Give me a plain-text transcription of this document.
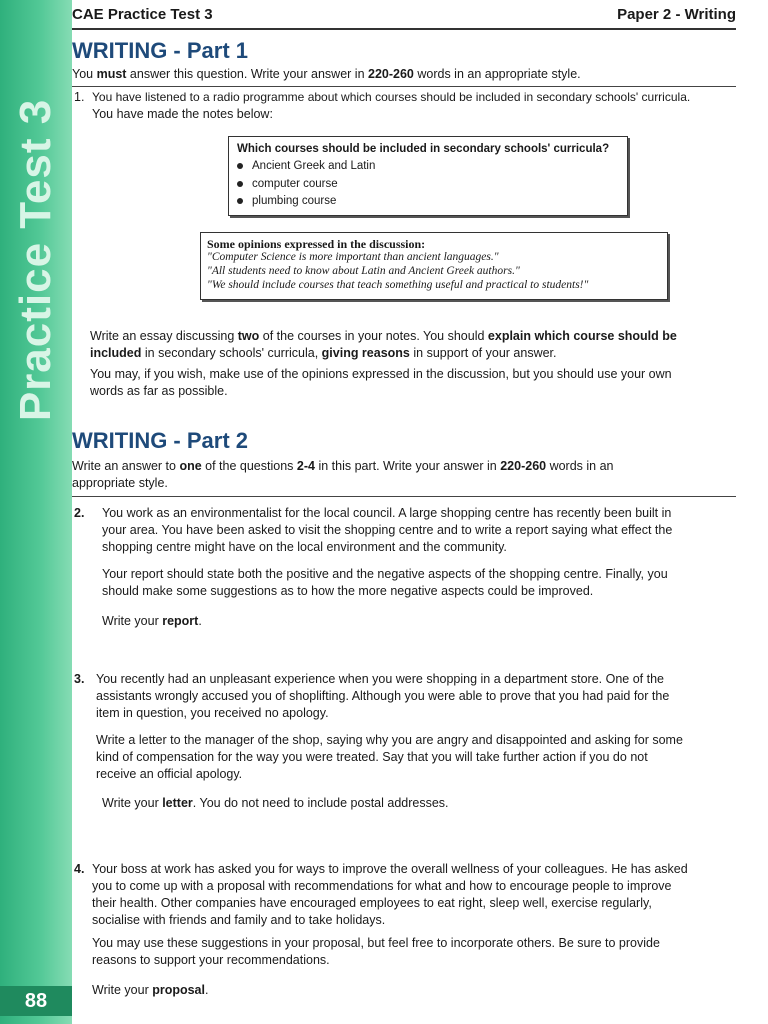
Practice Test 3
88
CAE Practice Test 3	Paper 2 - Writing
WRITING - Part 1
You must answer this question. Write your answer in 220-260 words in an appropriate style.
1. You have listened to a radio programme about which courses should be included in secondary schools' curricula.
You have made the notes below:
Which courses should be included in secondary schools' curricula?
Ancient Greek and Latin
computer course
plumbing course
Some opinions expressed in the discussion:
"Computer Science is more important than ancient languages."
"All students need to know about Latin and Ancient Greek authors."
"We should include courses that teach something useful and practical to students!"
Write an essay discussing two of the courses in your notes. You should explain which course should be
included in secondary schools' curricula, giving reasons in support of your answer.
You may, if you wish, make use of the opinions expressed in the discussion, but you should use your own
words as far as possible.
WRITING - Part 2
Write an answer to one of the questions 2-4 in this part. Write your answer in 220-260 words in an
appropriate style.
2. You work as an environmentalist for the local council. A large shopping centre has recently been built in
your area. You have been asked to visit the shopping centre and to write a report saying what effect the
shopping centre might have on the local environment and the community.
Your report should state both the positive and the negative aspects of the shopping centre. Finally, you
should make some suggestions as to how the more negative aspects could be improved.
Write your report.
3. You recently had an unpleasant experience when you were shopping in a department store. One of the
assistants wrongly accused you of shoplifting. Although you were able to prove that you had paid for the
item in question, you received no apology.
Write a letter to the manager of the shop, saying why you are angry and disappointed and asking for some
kind of compensation for the way you were treated. Say that you will take further action if you do not
receive an official apology.
Write your letter. You do not need to include postal addresses.
4. Your boss at work has asked you for ways to improve the overall wellness of your colleagues. He has asked
you to come up with a proposal with recommendations for what and how to encourage people to improve
their health. Other companies have encouraged employees to eat right, sleep well, exercise regularly,
socialise with friends and family and to take holidays.
You may use these suggestions in your proposal, but feel free to incorporate others. Be sure to provide
reasons to support your recommendations.
Write your proposal.
